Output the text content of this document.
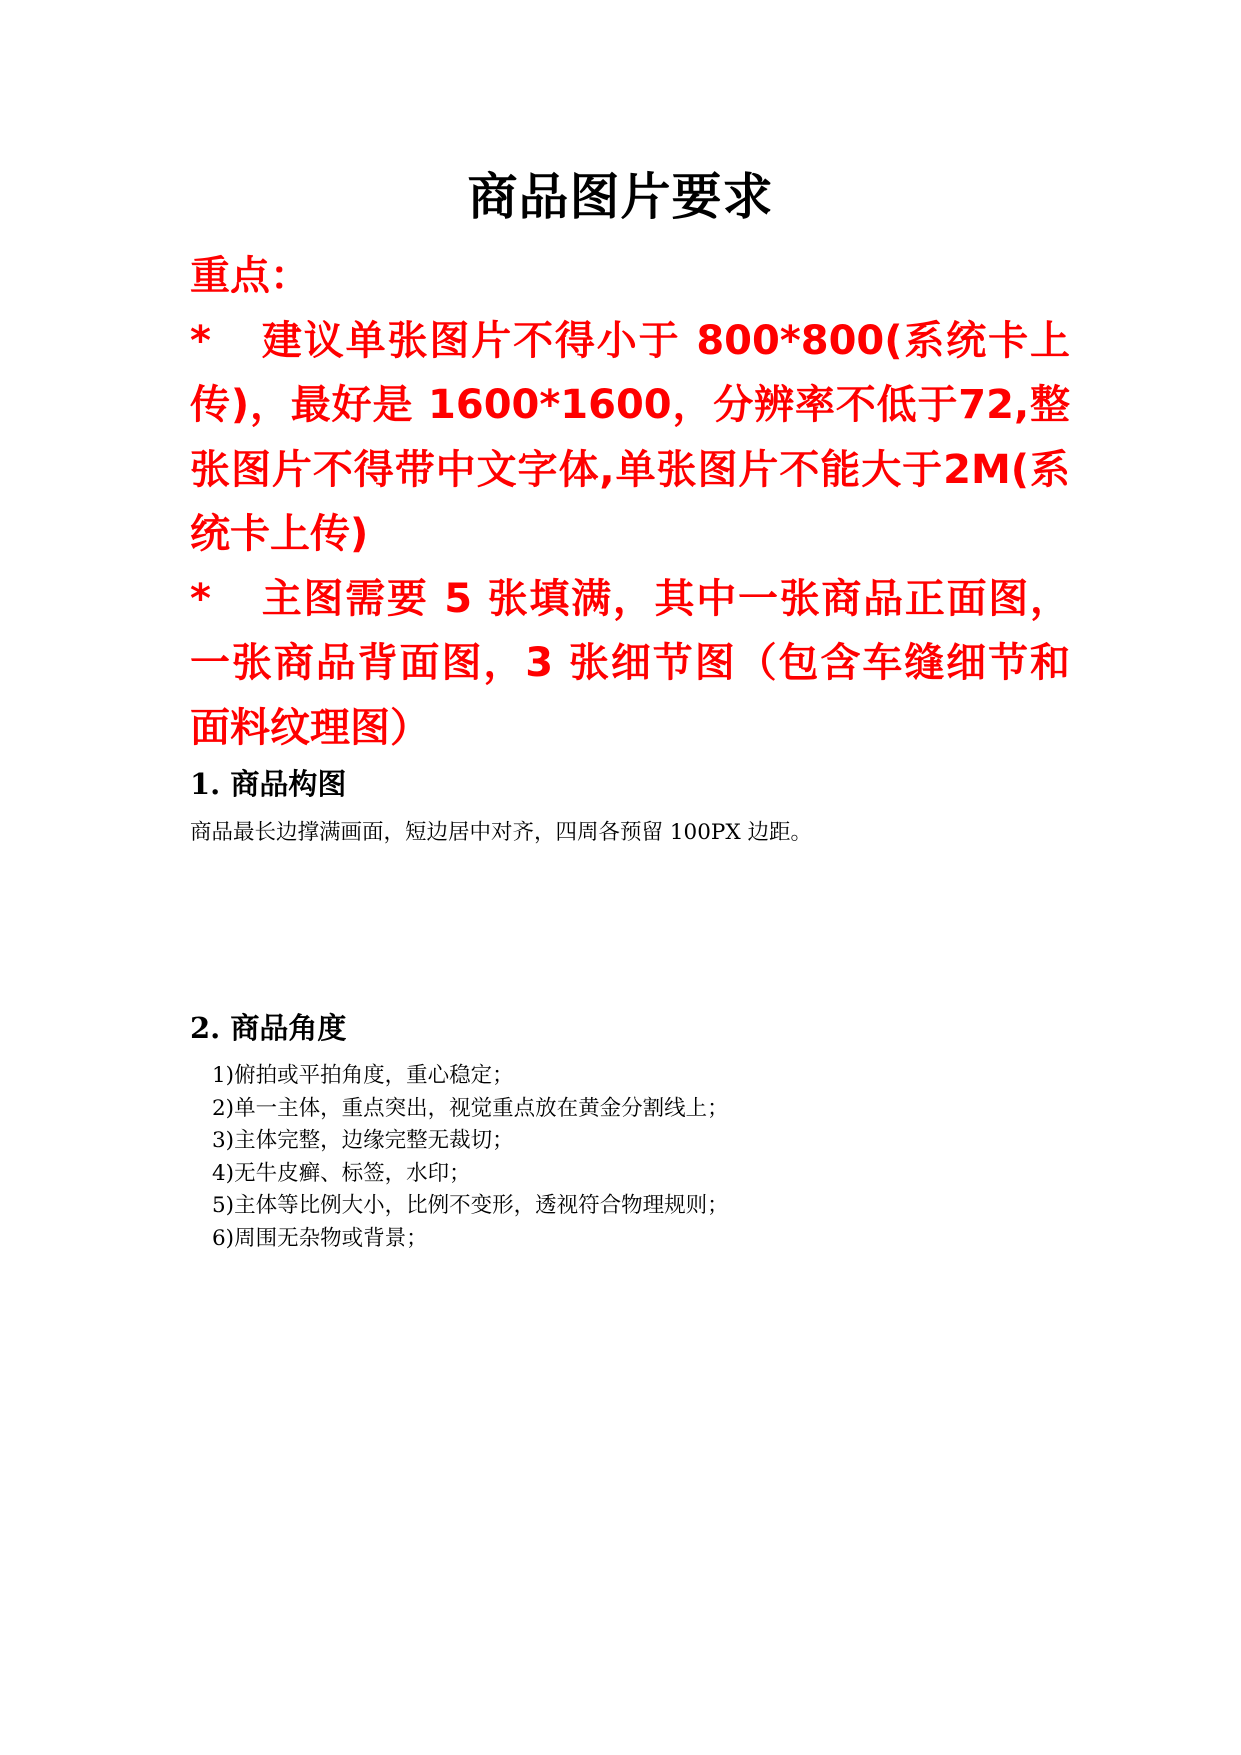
商品图片要求
重点：
* 建议单张图片不得小于 800*800(系统卡上传)，最好是 1600*1600，分辨率不低于72,整张图片不得带中文字体,单张图片不能大于2M(系统卡上传)
* 主图需要 5 张填满，其中一张商品正面图，一张商品背面图，3 张细节图（包含车缝细节和面料纹理图）
1. 商品构图
商品最长边撑满画面，短边居中对齐，四周各预留 100PX 边距。
2. 商品角度
1)俯拍或平拍角度，重心稳定；
2)单一主体，重点突出，视觉重点放在黄金分割线上；
3)主体完整，边缘完整无裁切；
4)无牛皮癣、标签，水印；
5)主体等比例大小，比例不变形，透视符合物理规则；
6)周围无杂物或背景；
